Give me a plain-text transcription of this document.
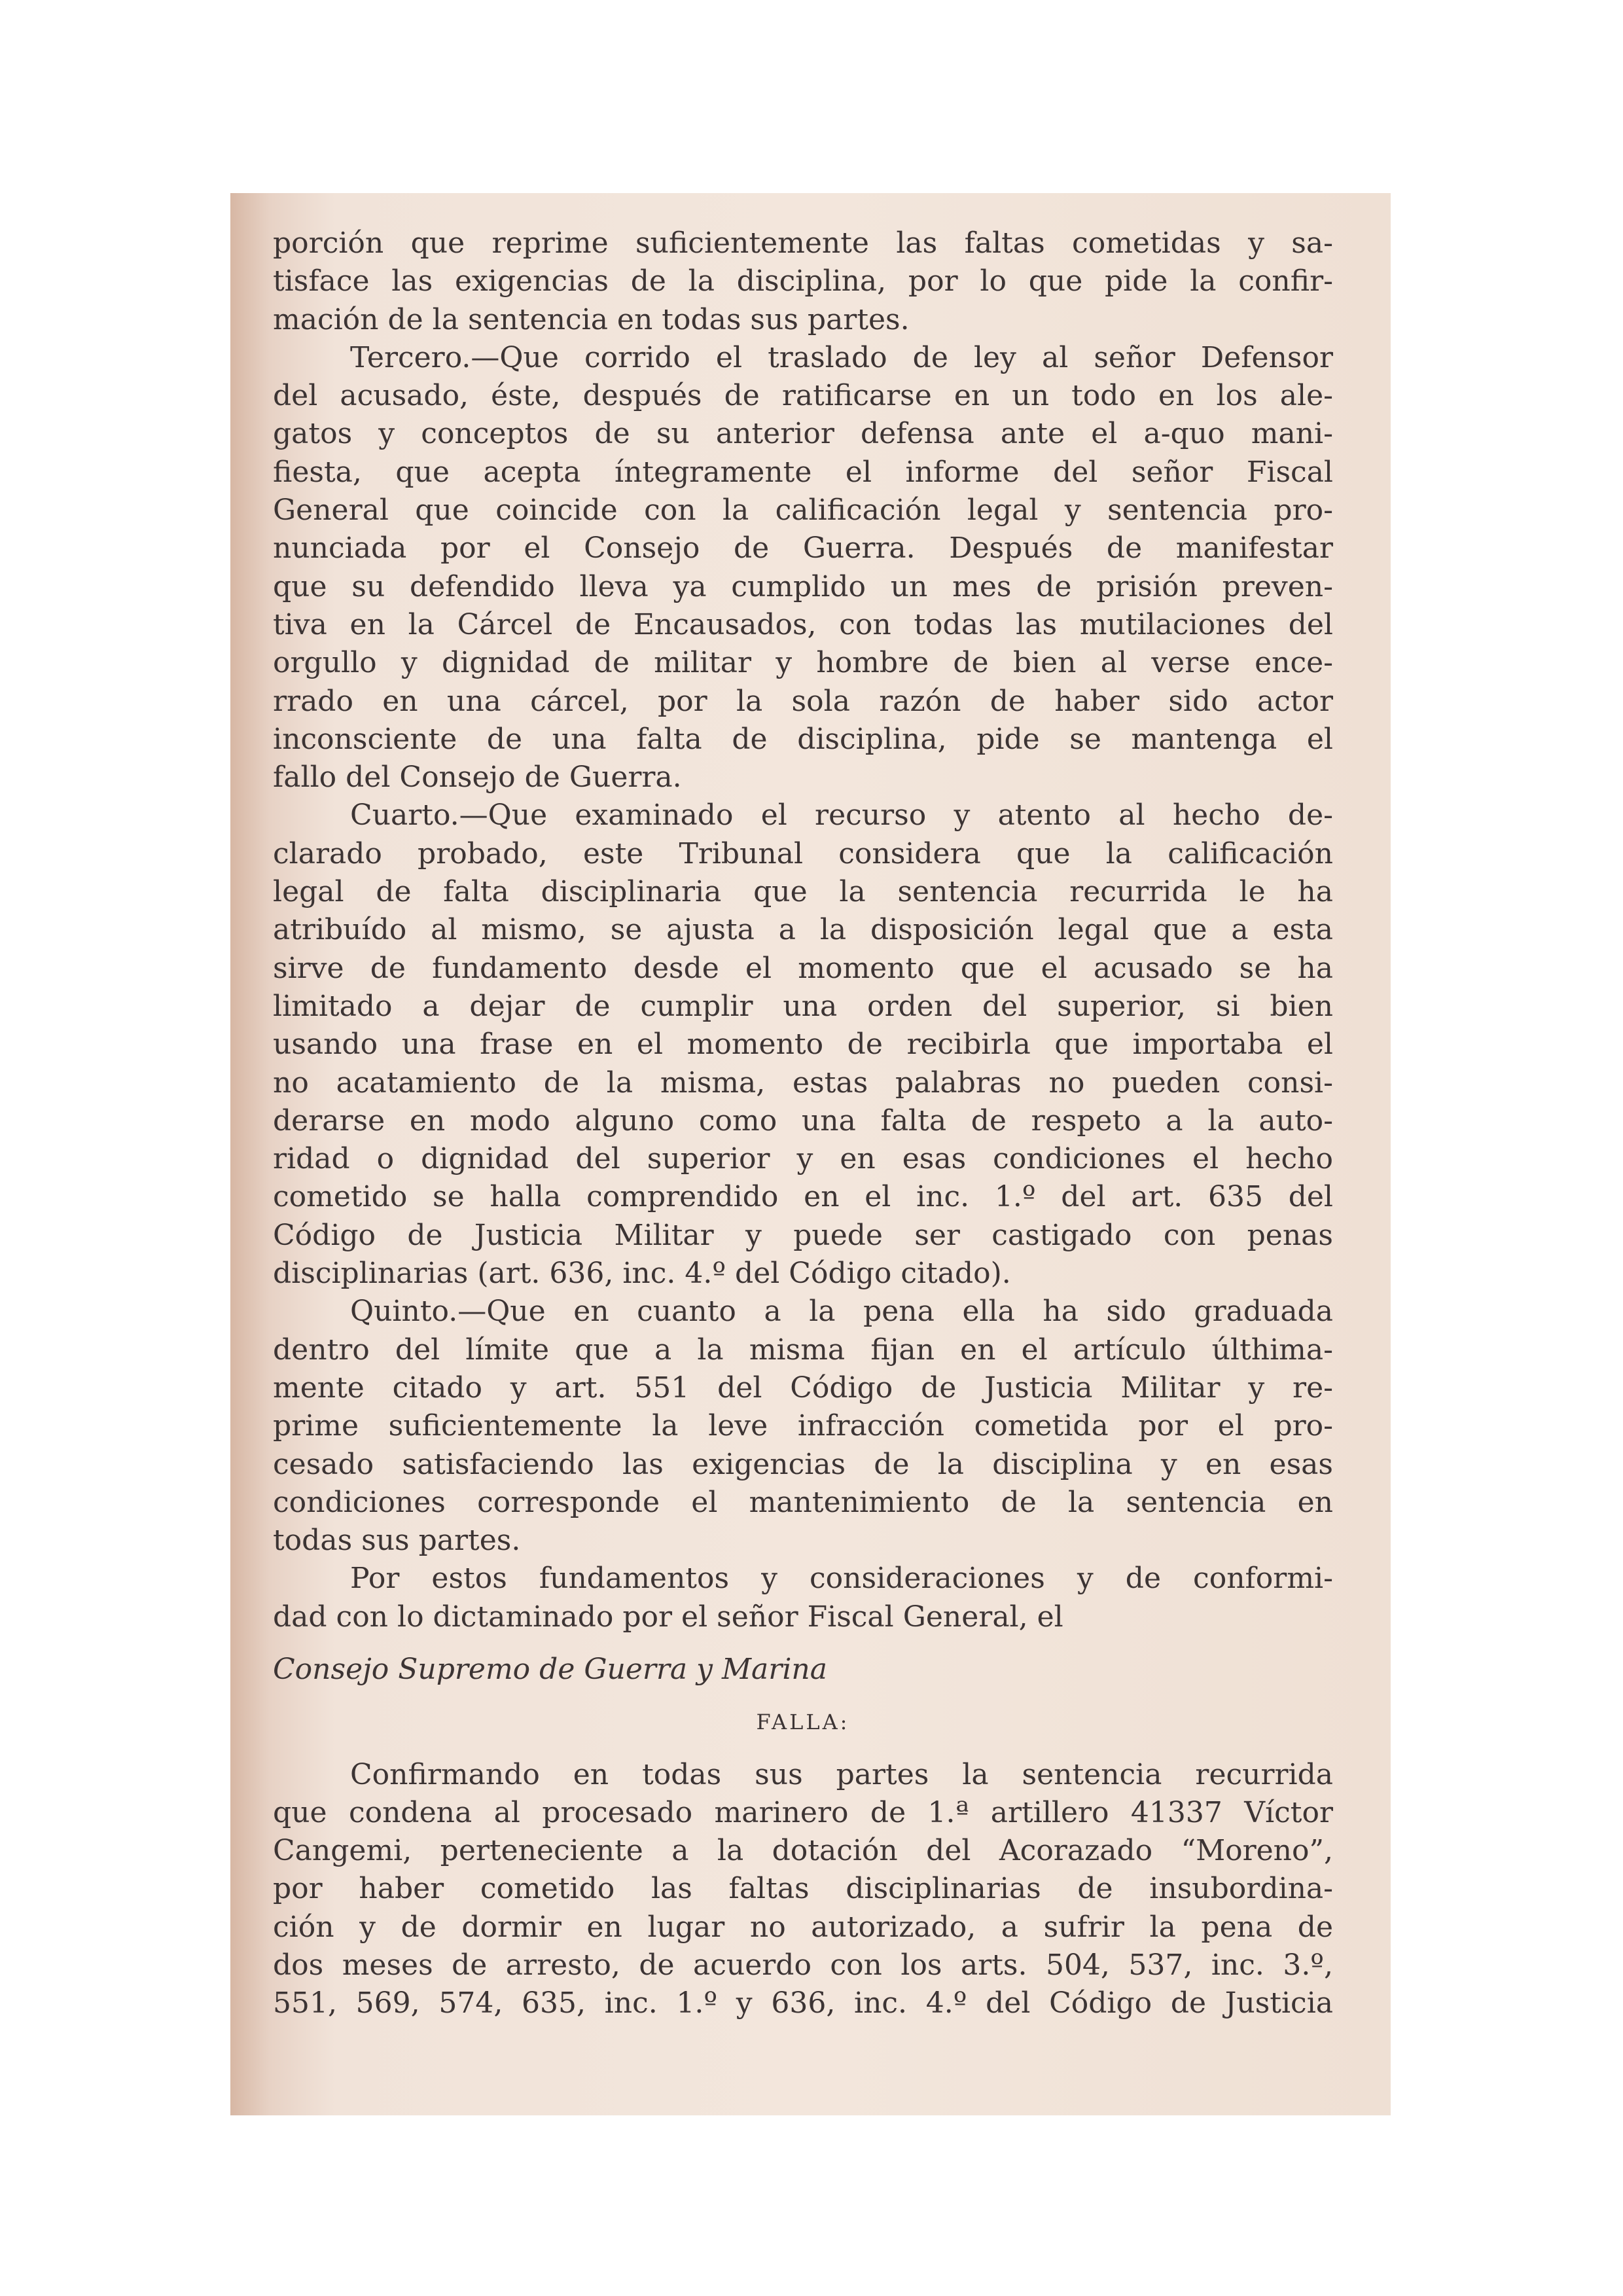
porción que reprime suficientemente las faltas cometidas y sa-
tisface las exigencias de la disciplina, por lo que pide la confir-
mación de la sentencia en todas sus partes.
Tercero.—Que corrido el traslado de ley al señor Defensor
del acusado, éste, después de ratificarse en un todo en los ale-
gatos y conceptos de su anterior defensa ante el a-quo mani-
fiesta, que acepta íntegramente el informe del señor Fiscal
General que coincide con la calificación legal y sentencia pro-
nunciada por el Consejo de Guerra. Después de manifestar
que su defendido lleva ya cumplido un mes de prisión preven-
tiva en la Cárcel de Encausados, con todas las mutilaciones del
orgullo y dignidad de militar y hombre de bien al verse ence-
rrado en una cárcel, por la sola razón de haber sido actor
inconsciente de una falta de disciplina, pide se mantenga el
fallo del Consejo de Guerra.
Cuarto.—Que examinado el recurso y atento al hecho de-
clarado probado, este Tribunal considera que la calificación
legal de falta disciplinaria que la sentencia recurrida le ha
atribuído al mismo, se ajusta a la disposición legal que a esta
sirve de fundamento desde el momento que el acusado se ha
limitado a dejar de cumplir una orden del superior, si bien
usando una frase en el momento de recibirla que importaba el
no acatamiento de la misma, estas palabras no pueden consi-
derarse en modo alguno como una falta de respeto a la auto-
ridad o dignidad del superior y en esas condiciones el hecho
cometido se halla comprendido en el inc. 1.º del art. 635 del
Código de Justicia Militar y puede ser castigado con penas
disciplinarias (art. 636, inc. 4.º del Código citado).
Quinto.—Que en cuanto a la pena ella ha sido graduada
dentro del límite que a la misma fijan en el artículo últhima-
mente citado y art. 551 del Código de Justicia Militar y re-
prime suficientemente la leve infracción cometida por el pro-
cesado satisfaciendo las exigencias de la disciplina y en esas
condiciones corresponde el mantenimiento de la sentencia en
todas sus partes.
Por estos fundamentos y consideraciones y de conformi-
dad con lo dictaminado por el señor Fiscal General, el
Consejo Supremo de Guerra y Marina
FALLA:
Confirmando en todas sus partes la sentencia recurrida
que condena al procesado marinero de 1.ª artillero 41337 Víctor
Cangemi, perteneciente a la dotación del Acorazado “Moreno”,
por haber cometido las faltas disciplinarias de insubordina-
ción y de dormir en lugar no autorizado, a sufrir la pena de
dos meses de arresto, de acuerdo con los arts. 504, 537, inc. 3.º,
551, 569, 574, 635, inc. 1.º y 636, inc. 4.º del Código de Justicia
